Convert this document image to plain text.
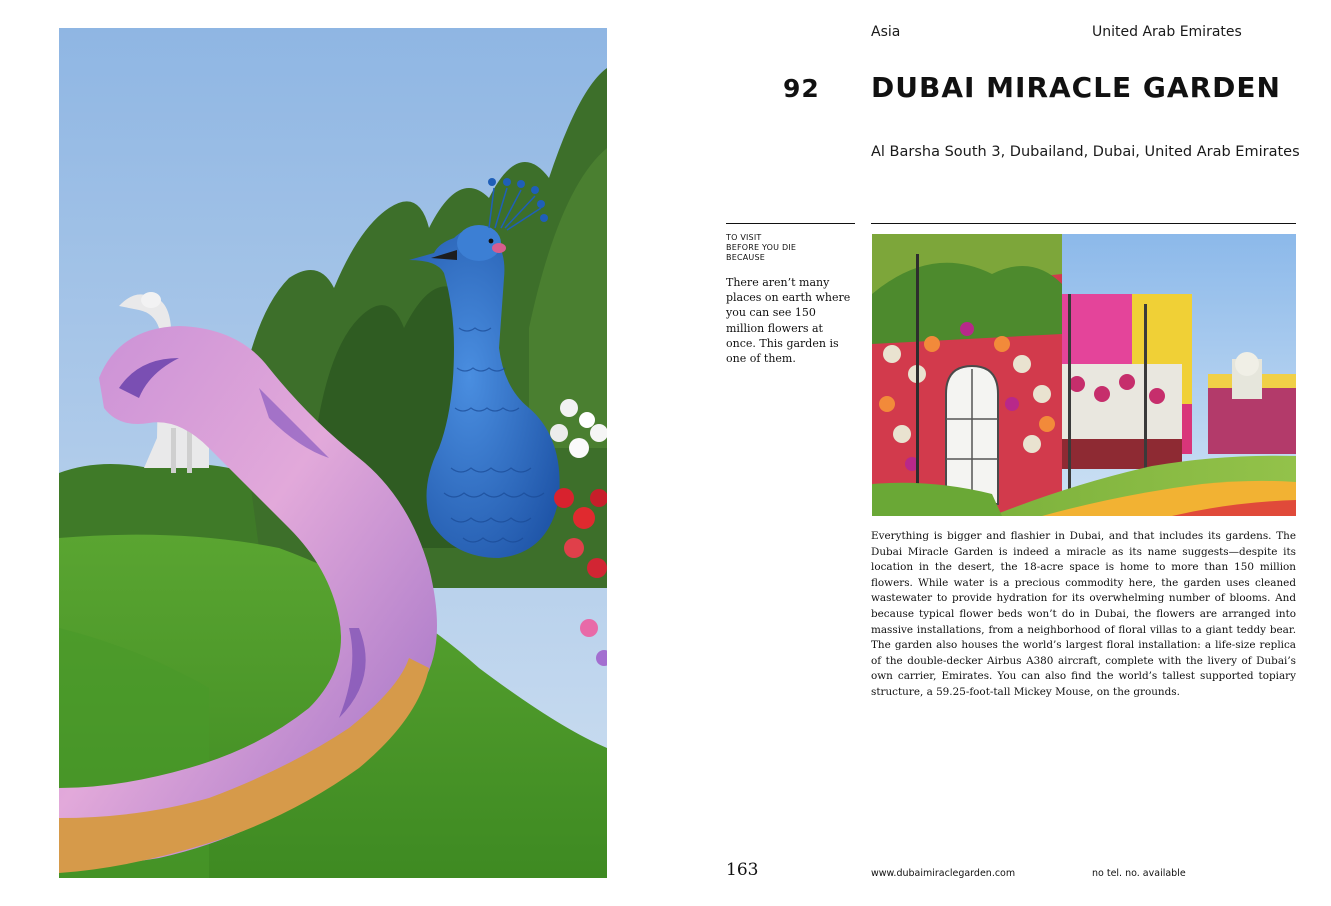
Asia	United Arab Emirates
92 DUBAI MIRACLE GARDEN
Al Barsha South 3, Dubailand, Dubai, United Arab Emirates
TO VISIT
BEFORE YOU DIE
BECAUSE
There aren’t many places on earth where you can see 150 million flowers at once. This garden is one of them.

Everything is bigger and flashier in Dubai, and that includes its gardens. The Dubai Miracle Garden is indeed a miracle as its name suggests—despite its location in the desert, the 18-acre space is home to more than 150 million flowers. While water is a precious commodity here, the garden uses cleaned wastewater to provide hydration for its overwhelming number of blooms. And because typical flower beds won’t do in Dubai, the flowers are arranged into massive installations, from a neighborhood of floral villas to a giant teddy bear. The garden also houses the world’s largest floral installation: a life-size replica of the double-decker Airbus A380 aircraft, complete with the livery of Dubai’s own carrier, Emirates. You can also find the world’s tallest supported topiary structure, a 59.25-foot-tall Mickey Mouse, on the grounds.

163	www.dubaimiraclegarden.com	no tel. no. available
